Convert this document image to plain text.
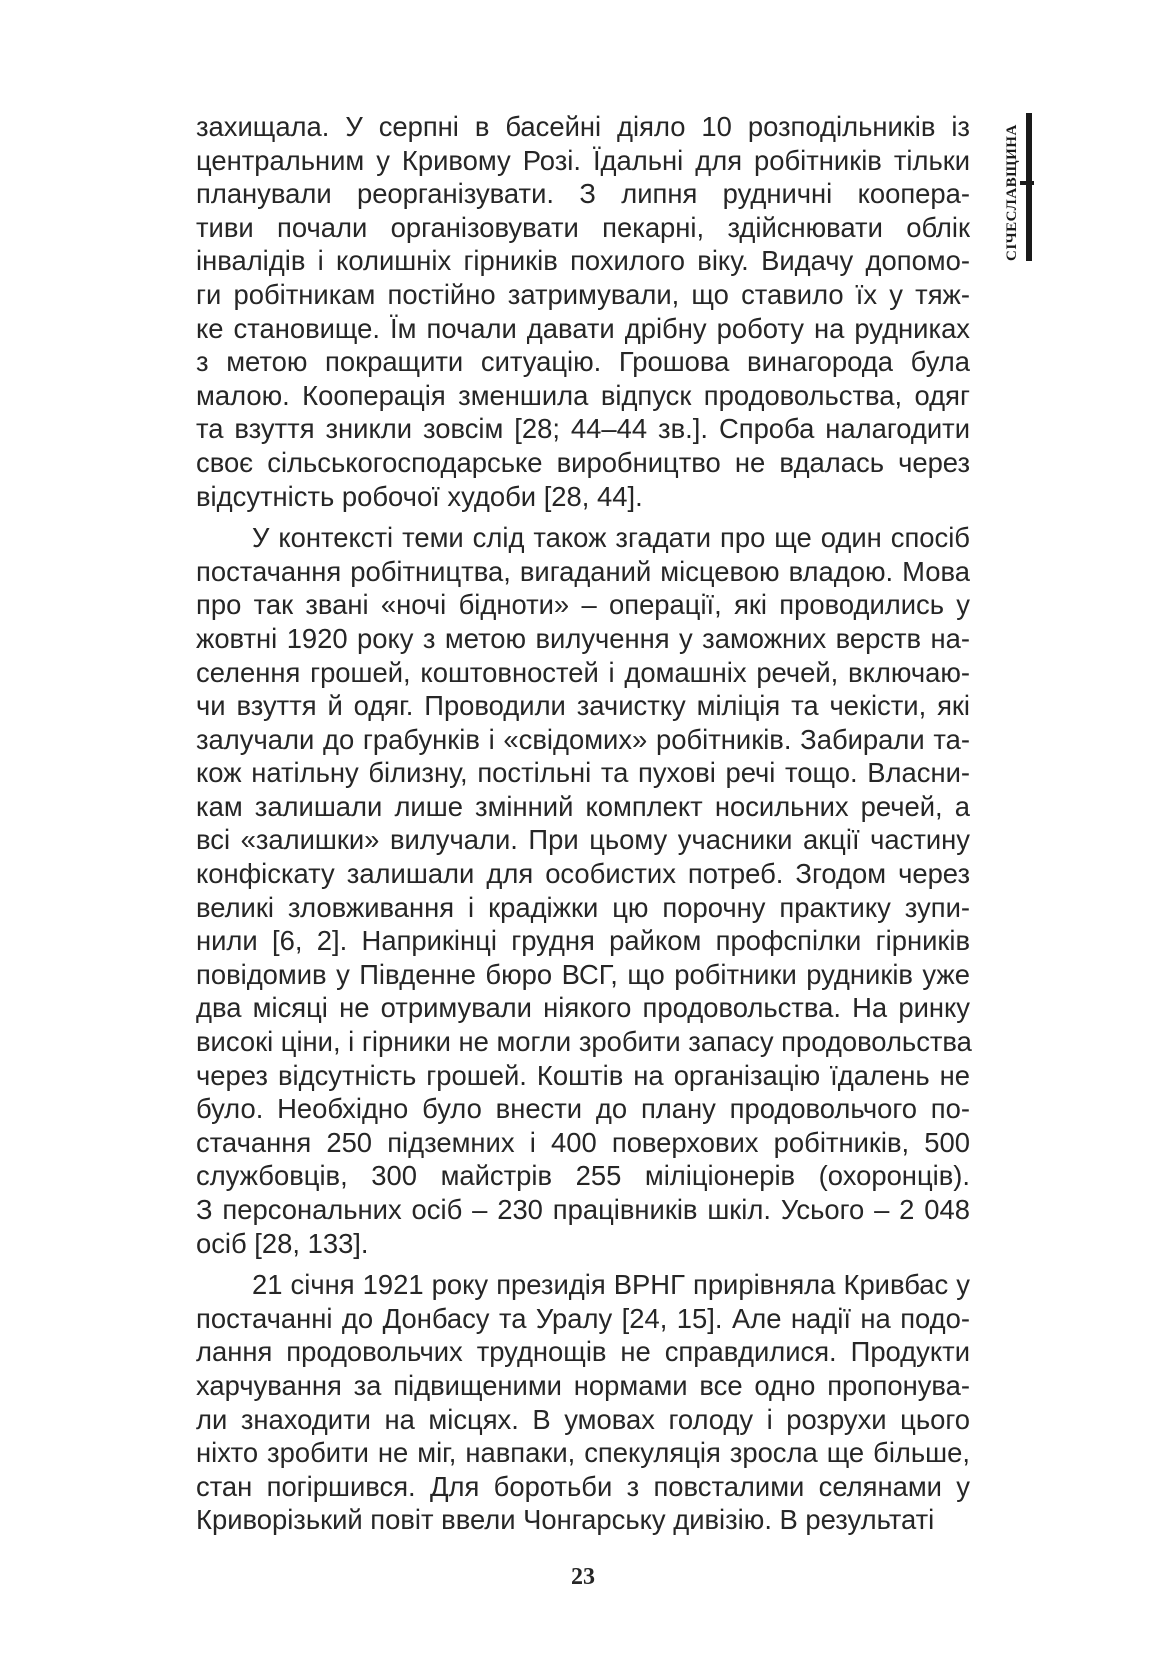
СІЧЕСЛАВЩИНА

захищала. У серпні в басейні діяло 10 розподільників із
центральним у Кривому Розі. Їдальні для робітників тільки
планували реорганізувати. З липня рудничні коопера-
тиви почали організовувати пекарні, здійснювати облік
інвалідів і колишніх гірників похилого віку. Видачу допомо-
ги робітникам постійно затримували, що ставило їх у тяж-
ке становище. Їм почали давати дрібну роботу на рудниках
з метою покращити ситуацію. Грошова винагорода була
малою. Кооперація зменшила відпуск продовольства, одяг
та взуття зникли зовсім [28; 44–44 зв.]. Спроба налагодити
своє сільськогосподарське виробництво не вдалась через
відсутність робочої худоби [28, 44].

У контексті теми слід також згадати про ще один спосіб
постачання робітництва, вигаданий місцевою владою. Мова
про так звані «ночі бідноти» – операції, які проводились у
жовтні 1920 року з метою вилучення у заможних верств на-
селення грошей, коштовностей і домашніх речей, включаю-
чи взуття й одяг. Проводили зачистку міліція та чекісти, які
залучали до грабунків і «свідомих» робітників. Забирали та-
кож натільну білизну, постільні та пухові речі тощо. Власни-
кам залишали лише змінний комплект носильних речей, а
всі «залишки» вилучали. При цьому учасники акції частину
конфіскату залишали для особистих потреб. Згодом через
великі зловживання і крадіжки цю порочну практику зупи-
нили [6, 2]. Наприкінці грудня райком профспілки гірників
повідомив у Південне бюро ВСГ, що робітники рудників уже
два місяці не отримували ніякого продовольства. На ринку
високі ціни, і гірники не могли зробити запасу продовольства
через відсутність грошей. Коштів на організацію їдалень не
було. Необхідно було внести до плану продовольчого по-
стачання 250 підземних і 400 поверхових робітників, 500
службовців, 300 майстрів 255 міліціонерів (охоронців).
З персональних осіб – 230 працівників шкіл. Усього – 2 048
осіб [28, 133].

21 січня 1921 року президія ВРНГ прирівняла Кривбас у
постачанні до Донбасу та Уралу [24, 15]. Але надії на подо-
лання продовольчих труднощів не справдилися. Продукти
харчування за підвищеними нормами все одно пропонува-
ли знаходити на місцях. В умовах голоду і розрухи цього
ніхто зробити не міг, навпаки, спекуляція зросла ще більше,
стан погіршився. Для боротьби з повсталими селянами у
Криворізький повіт ввели Чонгарську дивізію. В результаті

23
